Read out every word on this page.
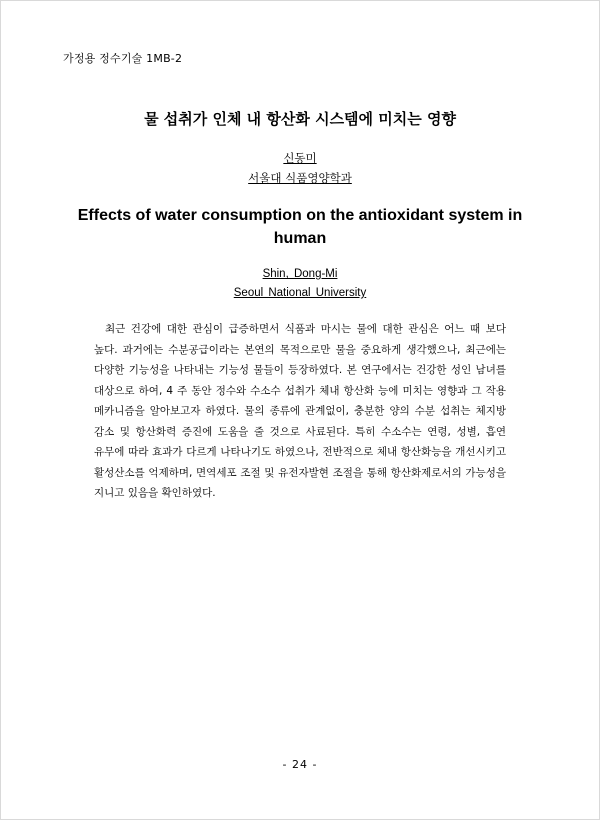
가정용 정수기술 1MB-2
물 섭취가 인체 내 항산화 시스템에 미치는 영향
신동미
서울대 식품영양학과
Effects of water consumption on the antioxidant system in
human
Shin, Dong-Mi
Seoul National University

최근 건강에 대한 관심이 급증하면서 식품과 마시는 물에 대한 관심은 어느 때 보다 높다. 과거에는 수분공급이라는 본연의 목적으로만 물을 중요하게 생각했으나, 최근에는 다양한 기능성을 나타내는 기능성 물들이 등장하였다. 본 연구에서는 건강한 성인 남녀를 대상으로 하여, 4 주 동안 정수와 수소수 섭취가 체내 항산화 능에 미치는 영향과 그 작용 메카니즘을 알아보고자 하였다. 물의 종류에 관계없이, 충분한 양의 수분 섭취는 체지방 감소 및 항산화력 증진에 도움을 줄 것으로 사료된다. 특히 수소수는 연령, 성별, 흡연 유무에 따라 효과가 다르게 나타나기도 하였으나, 전반적으로 체내 항산화능을 개선시키고 활성산소를 억제하며, 면역세포 조절 및 유전자발현 조절을 통해 항산화제로서의 가능성을 지니고 있음을 확인하였다.

- 24 -
